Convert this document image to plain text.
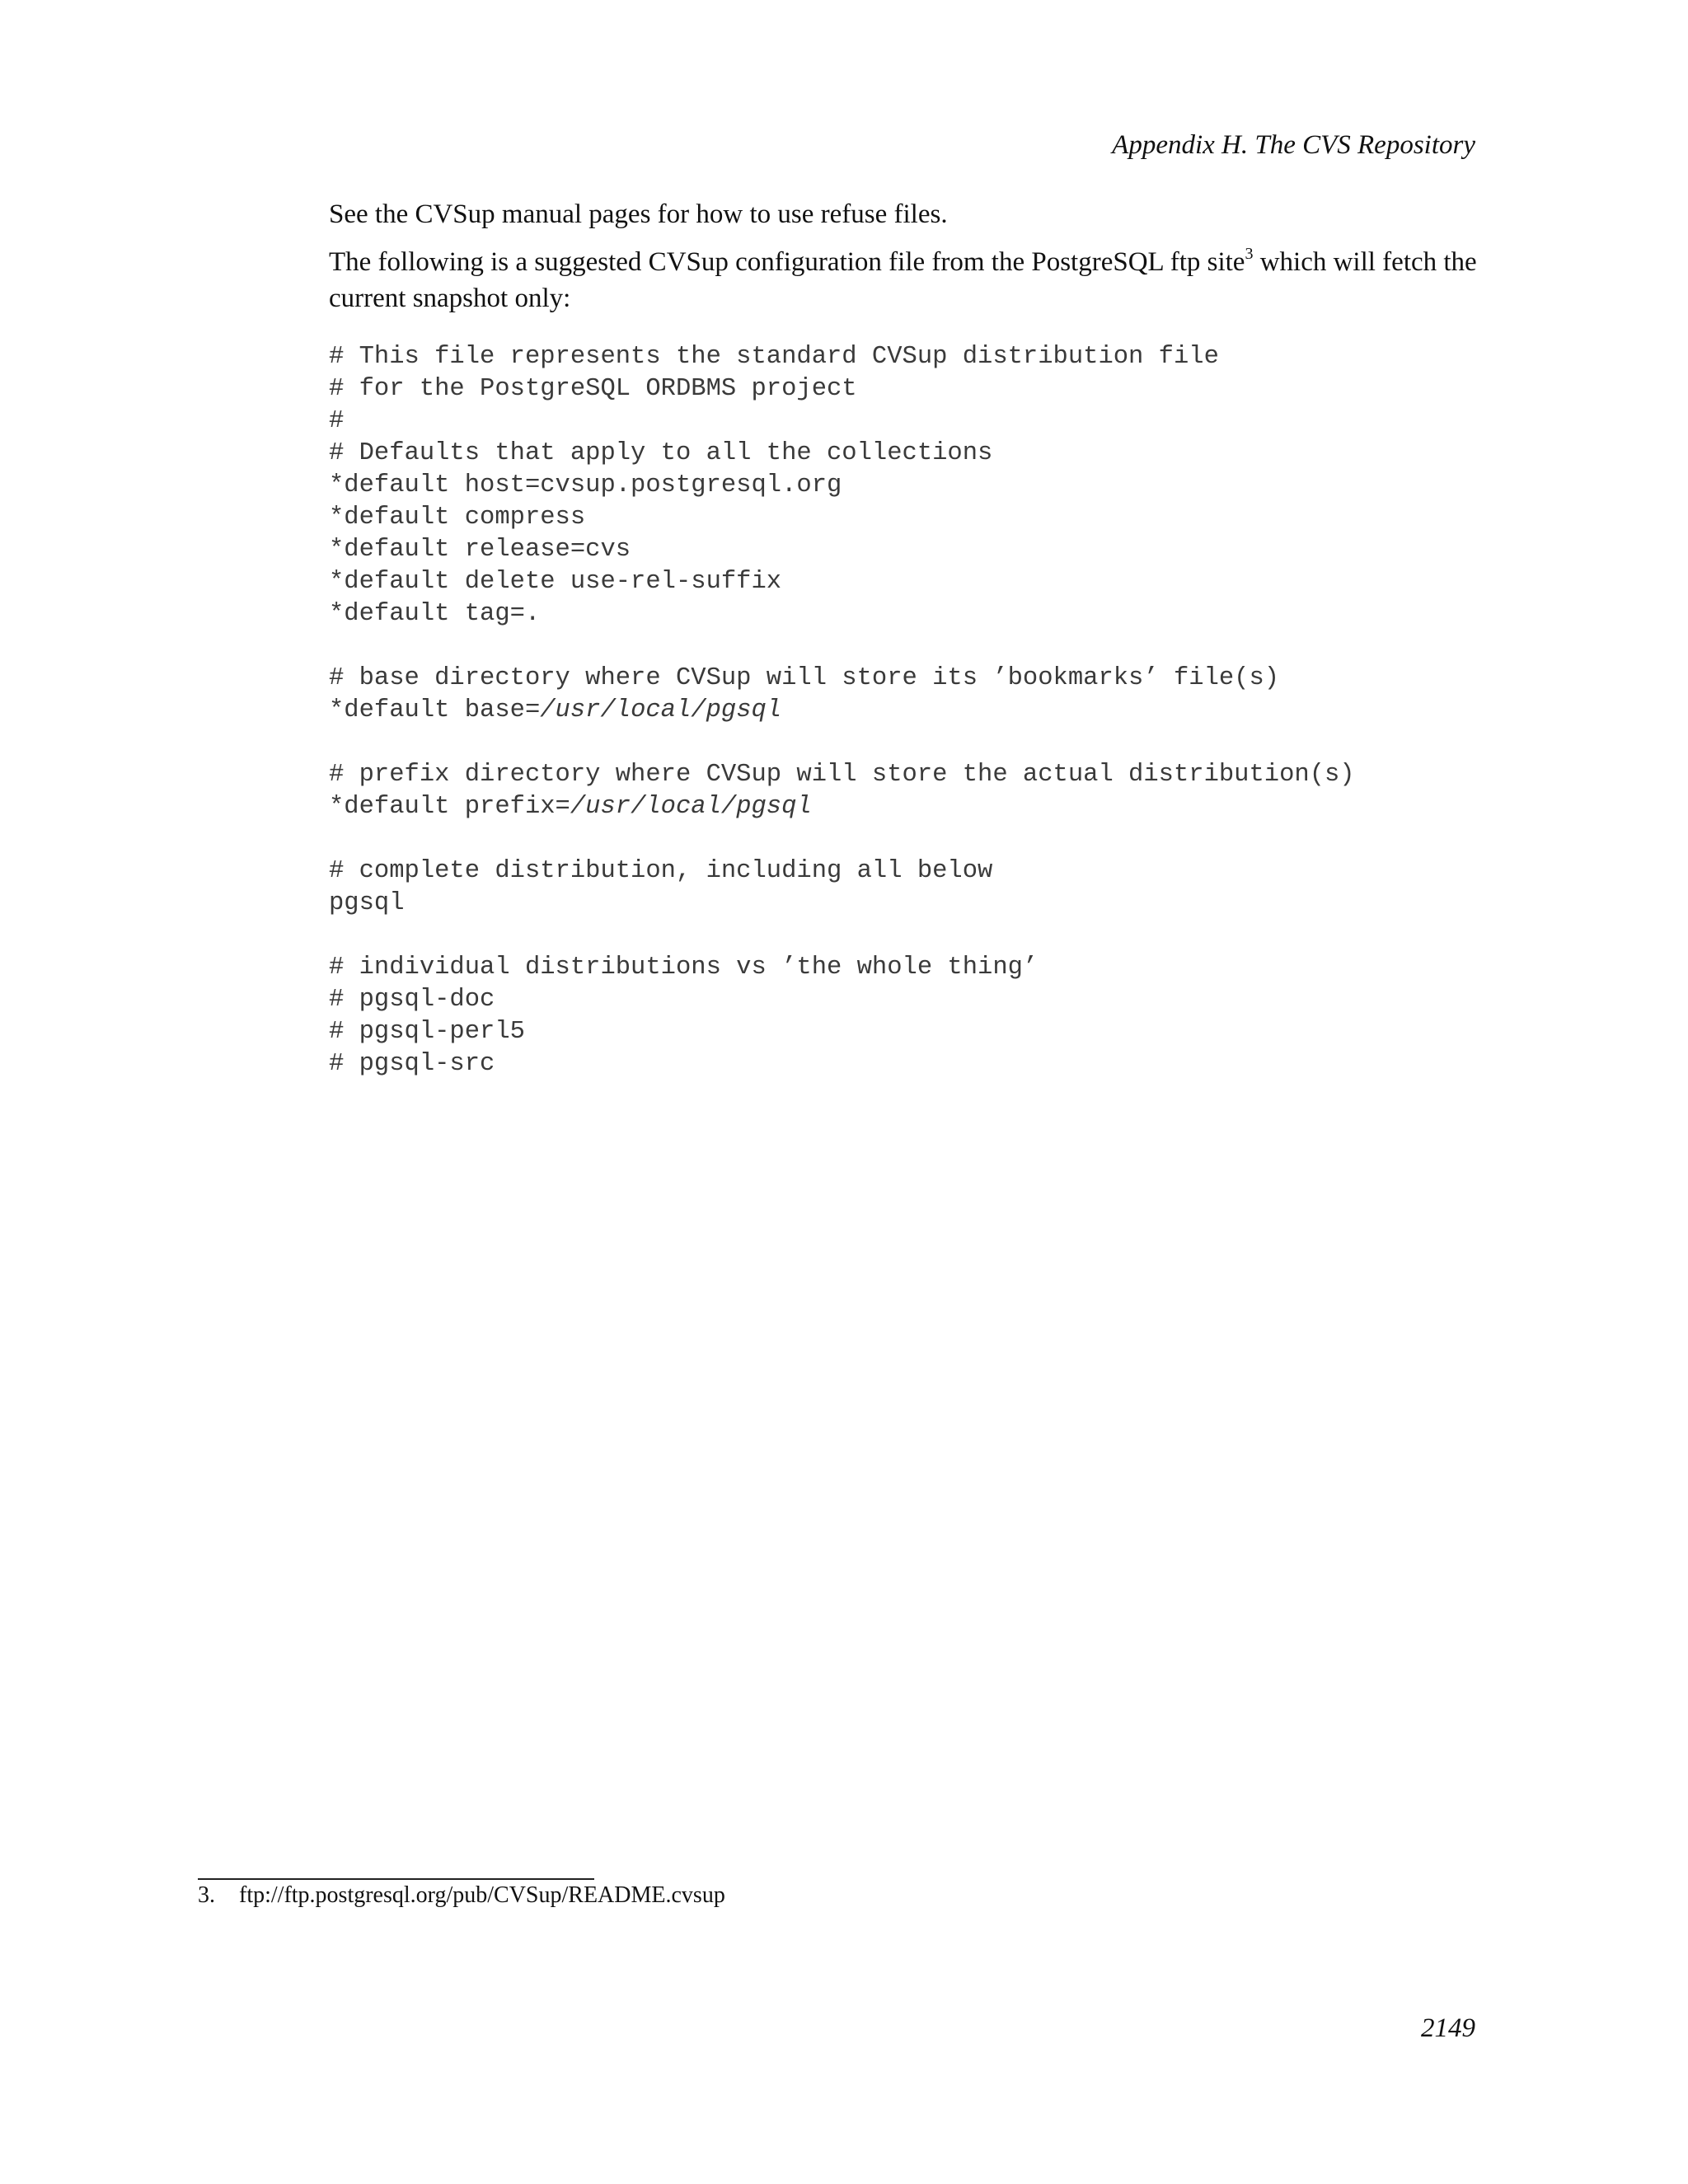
Appendix H. The CVS Repository

See the CVSup manual pages for how to use refuse files.

The following is a suggested CVSup configuration file from the PostgreSQL ftp site$^3$ which will fetch the current snapshot only:

# This file represents the standard CVSup distribution file
# for the PostgreSQL ORDBMS project
#
# Defaults that apply to all the collections
*default host=cvsup.postgresql.org
*default compress
*default release=cvs
*default delete use-rel-suffix
*default tag=.
# base directory where CVSup will store its ’bookmarks’ file(s)
*default base=/usr/local/pgsql
# prefix directory where CVSup will store the actual distribution(s)
*default prefix=/usr/local/pgsql
# complete distribution, including all below
pgsql
# individual distributions vs ’the whole thing’
# pgsql-doc
# pgsql-perl5
# pgsql-src
3. ftp://ftp.postgresql.org/pub/CVSup/README.cvsup
2149
